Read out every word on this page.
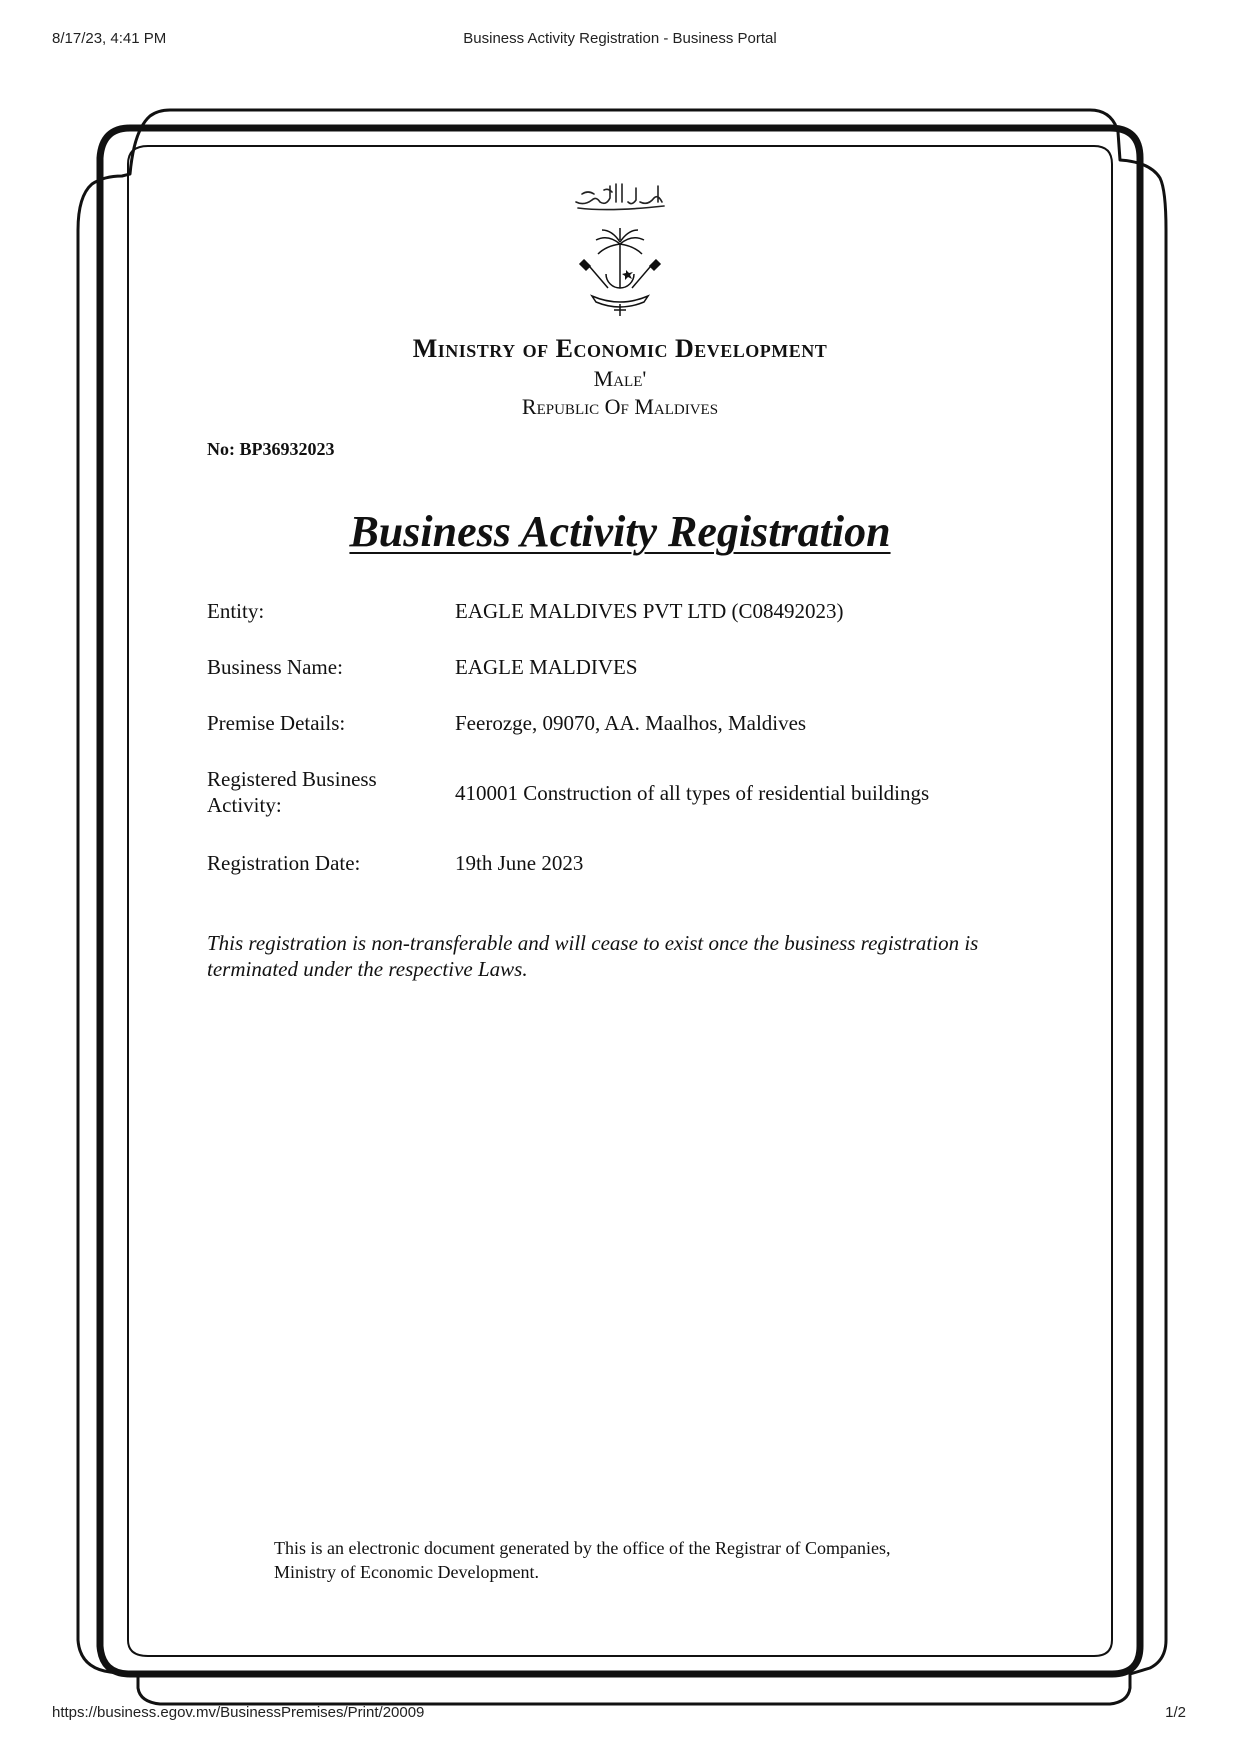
8/17/23, 4:41 PM	Business Activity Registration - Business Portal
Ministry of Economic Development
Male'
Republic Of Maldives
No: BP36932023
Business Activity Registration
Entity:	EAGLE MALDIVES PVT LTD (C08492023)
Business Name:	EAGLE MALDIVES
Premise Details:	Feerozge, 09070, AA. Maalhos, Maldives
Registered Business Activity:	410001 Construction of all types of residential buildings
Registration Date:	19th June 2023
This registration is non-transferable and will cease to exist once the business registration is terminated under the respective Laws.
This is an electronic document generated by the office of the Registrar of Companies, Ministry of Economic Development.
https://business.egov.mv/BusinessPremises/Print/20009	1/2
